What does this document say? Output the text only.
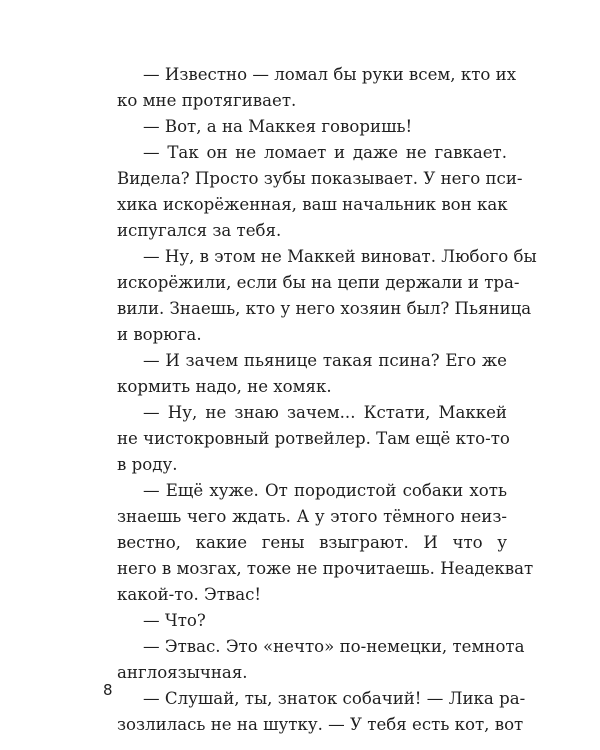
— Известно — ломал бы руки всем, кто их
ко мне протягивает.
— Вот, а на Маккея говоришь!
— Так он не ломает и даже не гавкает.
Видела? Просто зубы показывает. У него пси-
хика искорёженная, ваш начальник вон как
испугался за тебя.
— Ну, в этом не Маккей виноват. Любого бы
искорёжили, если бы на цепи держали и тра-
вили. Знаешь, кто у него хозяин был? Пьяница
и ворюга.
— И зачем пьянице такая псина? Его же
кормить надо, не хомяк.
— Ну, не знаю зачем... Кстати, Маккей
не чистокровный ротвейлер. Там ещё кто-то
в роду.
— Ещё хуже. От породистой собаки хоть
знаешь чего ждать. А у этого тёмного неиз-
вестно, какие гены взыграют. И что у
него в мозгах, тоже не прочитаешь. Неадекват
какой-то. Этвас!
— Что?
— Этвас. Это «нечто» по-немецки, темнота
англоязычная.
— Слушай, ты, знаток собачий! — Лика ра-
зозлилась не на шутку. — У тебя есть кот, вот
8
